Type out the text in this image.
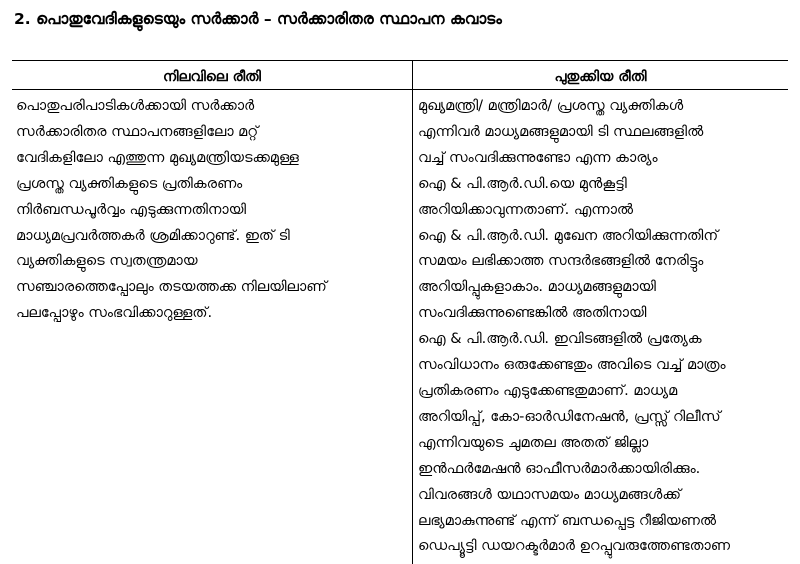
2. പൊതുവേദികളുടെയും സർക്കാർ – സർക്കാരിതര സ്ഥാപന കവാടം
നിലവിലെ രീതി	പുതുക്കിയ രീതി
പൊതുപരിപാടികൾക്കായി സർക്കാർ
സർക്കാരിതര സ്ഥാപനങ്ങളിലോ മറ്റ്
വേദികളിലോ എത്തുന്ന മുഖ്യമന്ത്രിയടക്കമുള്ള
പ്രശസ്ത വ്യക്തികളുടെ പ്രതികരണം
നിർബന്ധപൂർവ്വം എടുക്കുന്നതിനായി
മാധ്യമപ്രവർത്തകർ ശ്രമിക്കാറുണ്ട്. ഇത് ടി
വ്യക്തികളുടെ സ്വതന്ത്രമായ
സഞ്ചാരത്തെപ്പോലും തടയത്തക്ക നിലയിലാണ്
പലപ്പോഴും സംഭവിക്കാറുള്ളത്.
മുഖ്യമന്ത്രി/ മന്ത്രിമാർ/ പ്രശസ്ത വ്യക്തികൾ
എന്നിവർ മാധ്യമങ്ങളുമായി ടി സ്ഥലങ്ങളിൽ
വച്ച് സംവദിക്കുന്നുണ്ടോ എന്ന കാര്യം
ഐ & പി.ആർ.ഡി.യെ മുൻകൂട്ടി
അറിയിക്കാവുന്നതാണ്. എന്നാൽ
ഐ & പി.ആർ.ഡി. മുഖേന അറിയിക്കുന്നതിന്
സമയം ലഭിക്കാത്ത സന്ദർഭങ്ങളിൽ നേരിട്ടും
അറിയിപ്പുകളാകാം. മാധ്യമങ്ങളുമായി
സംവദിക്കുന്നുണ്ടെങ്കിൽ അതിനായി
ഐ & പി.ആർ.ഡി. ഇവിടങ്ങളിൽ പ്രത്യേക
സംവിധാനം ഒരുക്കേണ്ടതും അവിടെ വച്ച് മാത്രം
പ്രതികരണം എടുക്കേണ്ടതുമാണ്. മാധ്യമ
അറിയിപ്പ്, കോ-ഓർഡിനേഷൻ, പ്രസ്സ് റിലീസ്
എന്നിവയുടെ ചുമതല അതത് ജില്ലാ
ഇൻഫർമേഷൻ ഓഫീസർമാർക്കായിരിക്കും.
വിവരങ്ങൾ യഥാസമയം മാധ്യമങ്ങൾക്ക്
ലഭ്യമാകുന്നുണ്ട് എന്ന് ബന്ധപ്പെട്ട റീജിയണൽ
ഡെപ്യൂട്ടി ഡയറക്ടർമാർ ഉറപ്പുവരുത്തേണ്ടതാണ
